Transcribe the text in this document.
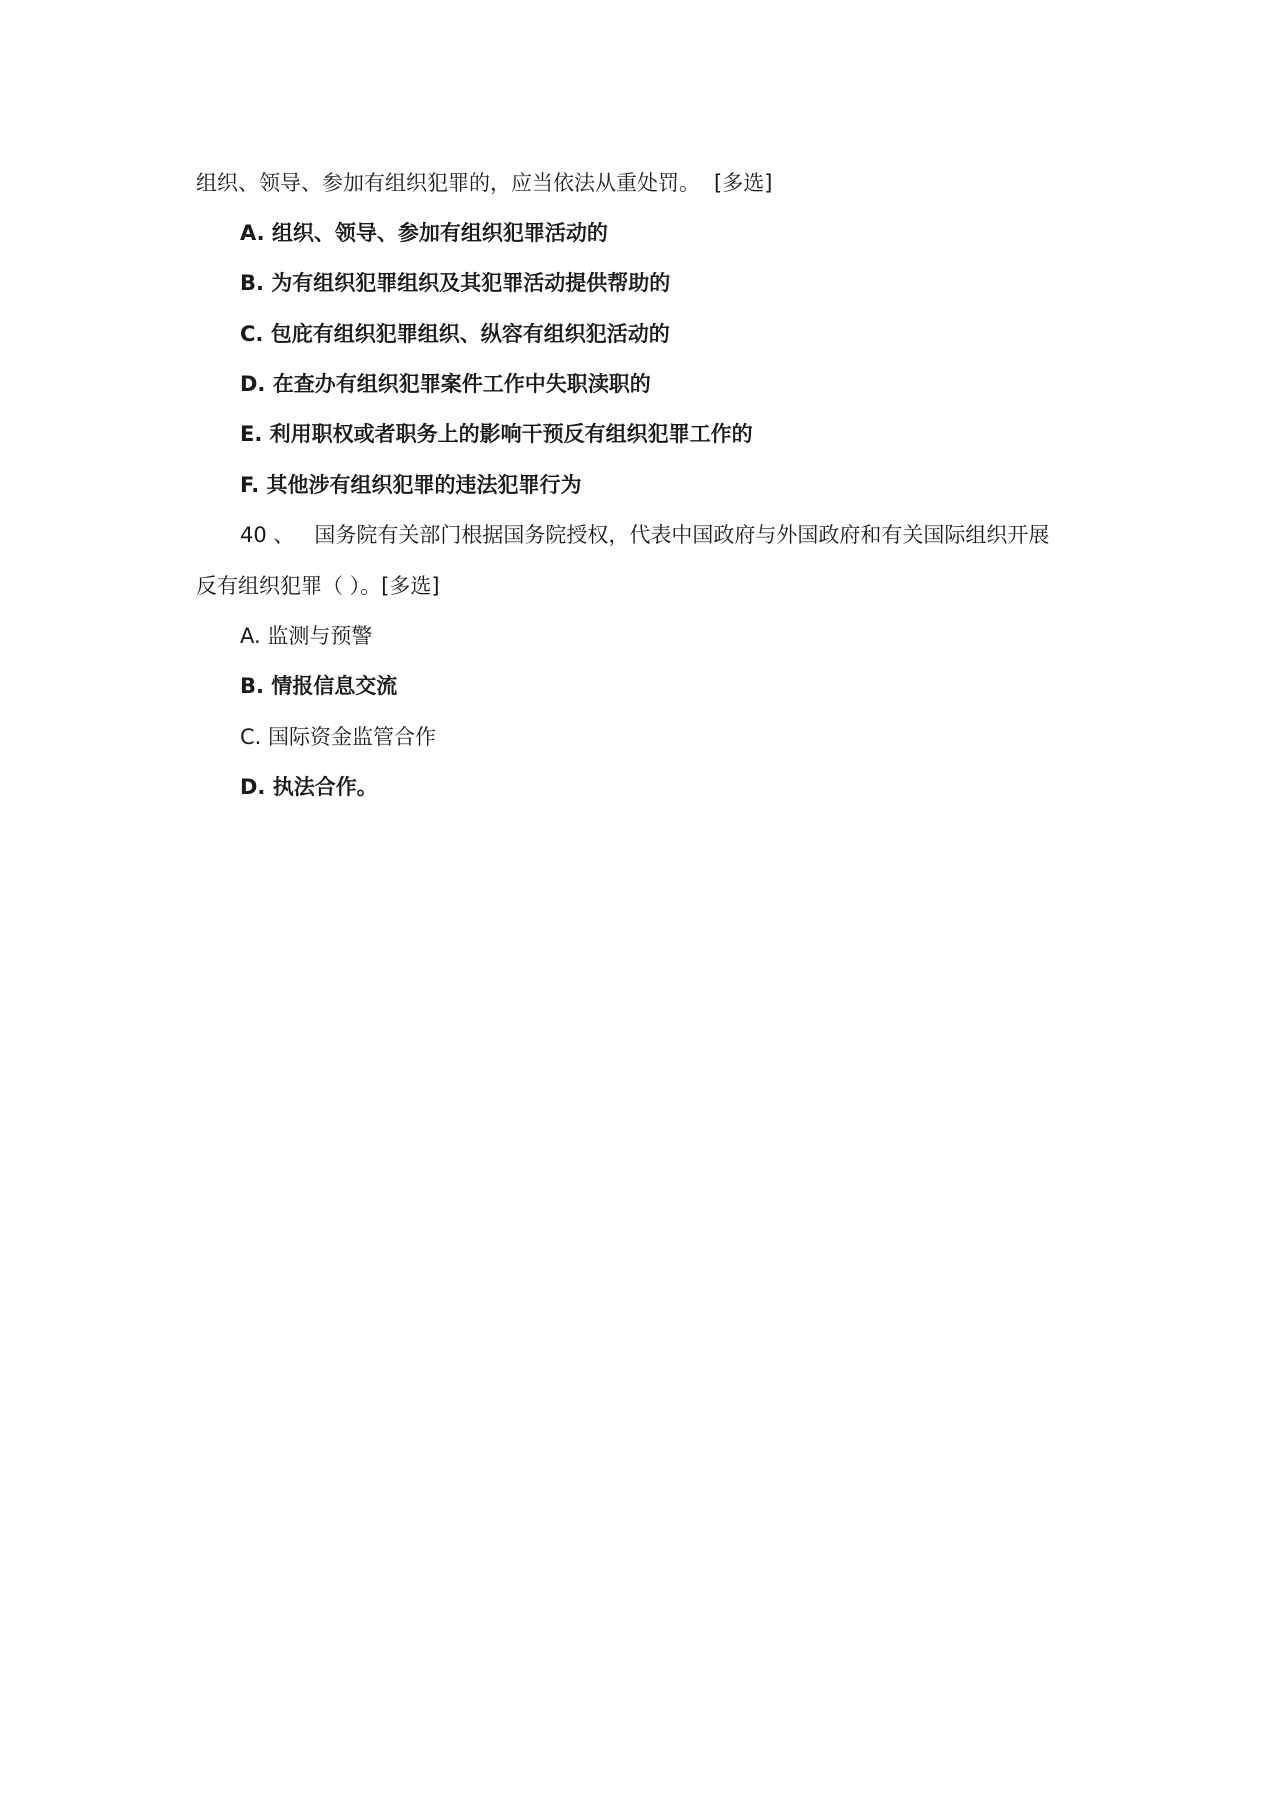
组织、领导、参加有组织犯罪的，应当依法从重处罚。 [多选]
A. 组织、领导、参加有组织犯罪活动的
B. 为有组织犯罪组织及其犯罪活动提供帮助的
C. 包庇有组织犯罪组织、纵容有组织犯活动的
D. 在查办有组织犯罪案件工作中失职渎职的
E. 利用职权或者职务上的影响干预反有组织犯罪工作的
F. 其他涉有组织犯罪的违法犯罪行为
40 、 国务院有关部门根据国务院授权，代表中国政府与外国政府和有关国际组织开展
反有组织犯罪（ ）。[多选]
A. 监测与预警
B. 情报信息交流
C. 国际资金监管合作
D. 执法合作。
